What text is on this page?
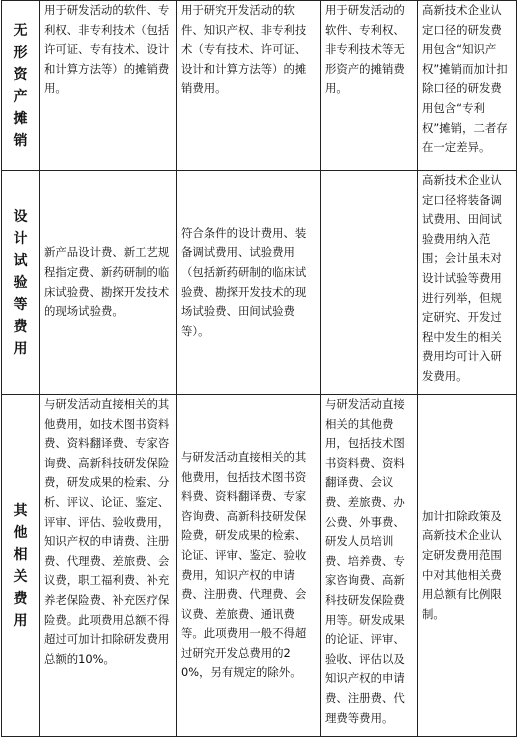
无形资产摊销	用于研发活动的软件、专利权、非专利技术（包括许可证、专有技术、设计和计算方法等）的摊销费用。	用于研究开发活动的软件、知识产权、非专利技术（专有技术、许可证、设计和计算方法等）的摊销费用。	用于研发活动的软件、专利权、非专利技术等无形资产的摊销费用。	高新技术企业认定口径的研发费用包含“知识产权”摊销而加计扣除口径的研发费用包含“专利权”摊销，二者存在一定差异。
设计试验等费用	新产品设计费、新工艺规程指定费、新药研制的临床试验费、勘探开发技术的现场试验费。	符合条件的设计费用、装备调试费用、试验费用（包括新药研制的临床试验费、勘探开发技术的现场试验费、田间试验费等）。		高新技术企业认定口径将装备调试费用、田间试验费用纳入范围；会计虽未对设计试验等费用进行列举，但规定研究、开发过程中发生的相关费用均可计入研发费用。
其他相关费用	与研发活动直接相关的其他费用，如技术图书资料费、资料翻译费、专家咨询费、高新科技研发保险费，研发成果的检索、分析、评议、论证、鉴定、评审、评估、验收费用，知识产权的申请费、注册费、代理费、差旅费、会议费，职工福利费、补充养老保险费、补充医疗保险费。此项费用总额不得超过可加计扣除研发费用总额的10%。	与研发活动直接相关的其他费用，包括技术图书资料费、资料翻译费、专家咨询费、高新科技研发保险费，研发成果的检索、论证、评审、鉴定、验收费用，知识产权的申请费、注册费、代理费、会议费、差旅费、通讯费等。此项费用一般不得超过研究开发总费用的20%，另有规定的除外。	与研发活动直接相关的其他费用，包括技术图书资料费、资料翻译费、会议费、差旅费、办公费、外事费、研发人员培训费、培养费、专家咨询费、高新科技研发保险费用等。研发成果的论证、评审、验收、评估以及知识产权的申请费、注册费、代理费等费用。	加计扣除政策及高新技术企业认定研发费用范围中对其他相关费用总额有比例限制。
